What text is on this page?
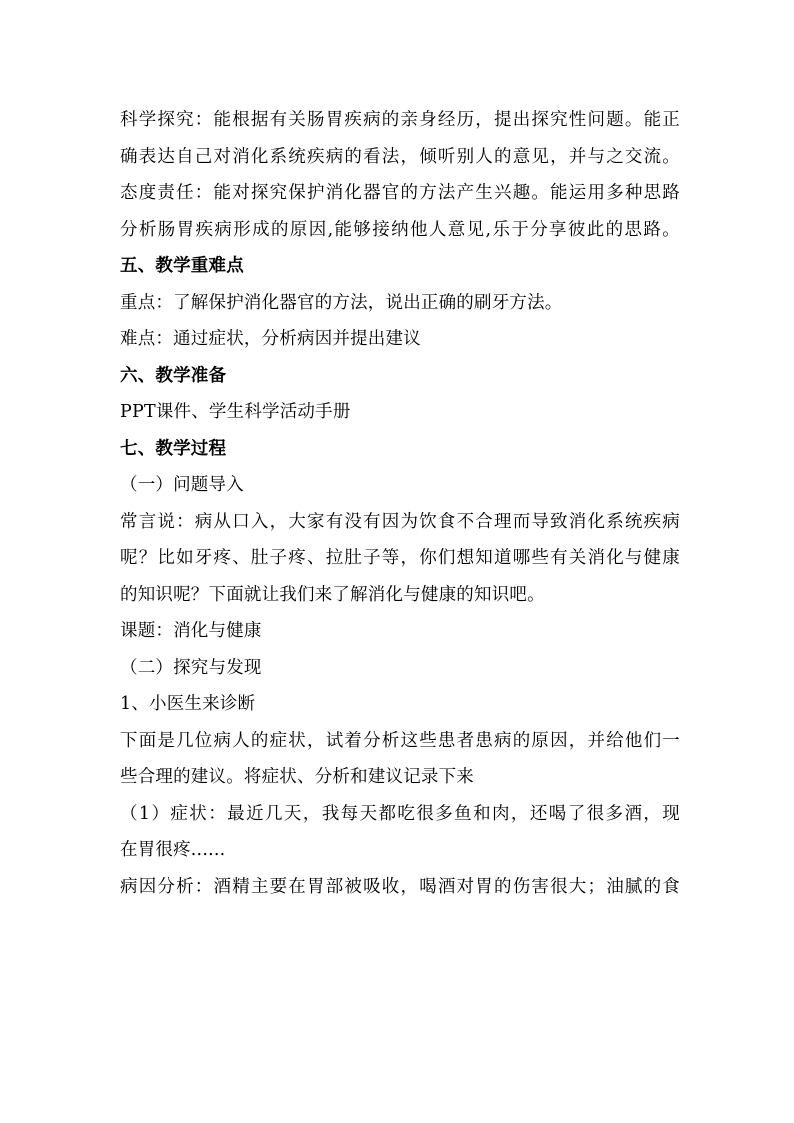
科学探究：能根据有关肠胃疾病的亲身经历，提出探究性问题。能正
确表达自己对消化系统疾病的看法，倾听别人的意见，并与之交流。
态度责任：能对探究保护消化器官的方法产生兴趣。能运用多种思路
分析肠胃疾病形成的原因,能够接纳他人意见,乐于分享彼此的思路。
五、教学重难点
重点：了解保护消化器官的方法，说出正确的刷牙方法。
难点：通过症状，分析病因并提出建议
六、教学准备
PPT课件、学生科学活动手册
七、教学过程
（一）问题导入
常言说：病从口入，大家有没有因为饮食不合理而导致消化系统疾病
呢？比如牙疼、肚子疼、拉肚子等，你们想知道哪些有关消化与健康
的知识呢？下面就让我们来了解消化与健康的知识吧。
课题：消化与健康
（二）探究与发现
1、小医生来诊断
下面是几位病人的症状，试着分析这些患者患病的原因，并给他们一
些合理的建议。将症状、分析和建议记录下来
（1）症状：最近几天，我每天都吃很多鱼和肉，还喝了很多酒，现
在胃很疼......
病因分析：酒精主要在胃部被吸收，喝酒对胃的伤害很大；油腻的食
